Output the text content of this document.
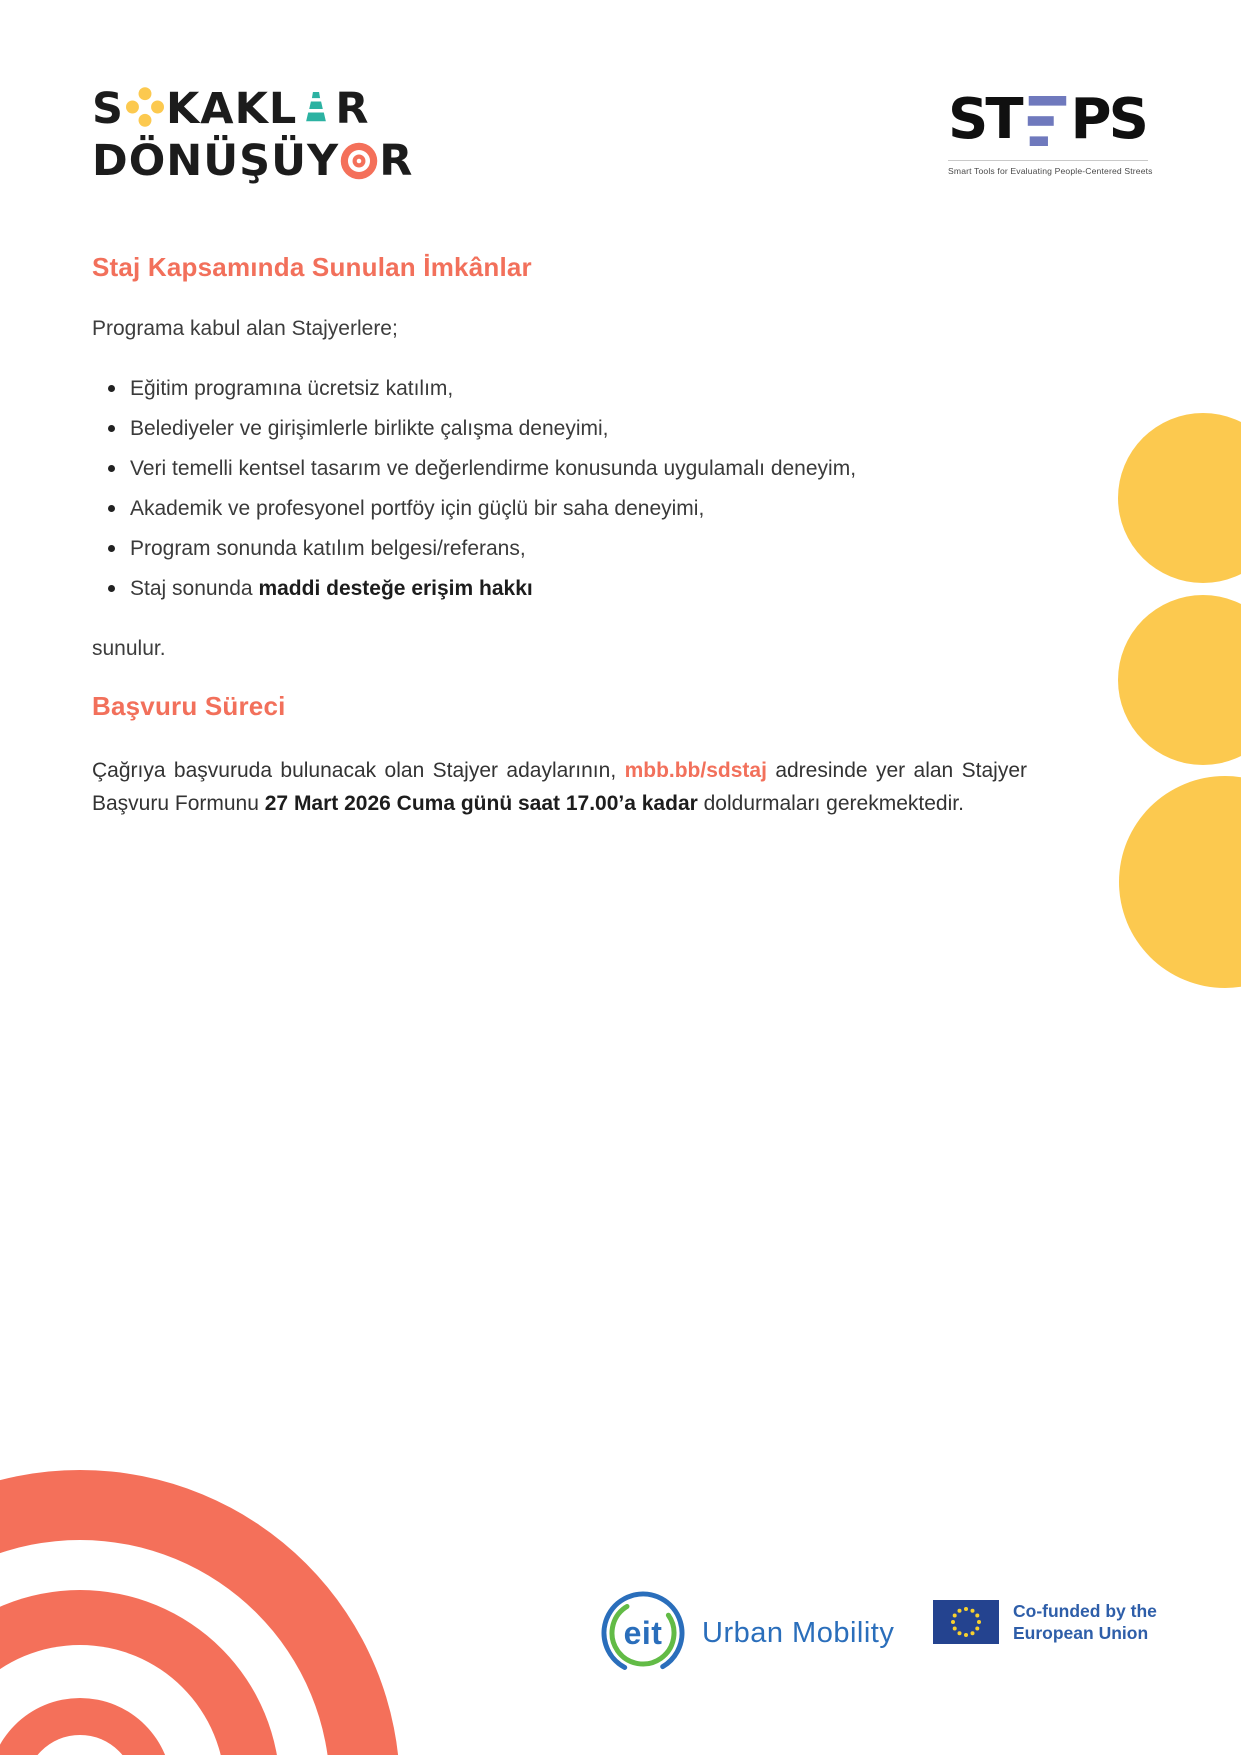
S KAKL R
DÖNÜŞÜY R
ST PS
Smart Tools for Evaluating People-Centered Streets
Staj Kapsamında Sunulan İmkânlar

Programa kabul alan Stajyerlere;

Eğitim programına ücretsiz katılım,
Belediyeler ve girişimlerle birlikte çalışma deneyimi,
Veri temelli kentsel tasarım ve değerlendirme konusunda uygulamalı deneyim,
Akademik ve profesyonel portföy için güçlü bir saha deneyimi,
Program sonunda katılım belgesi/referans,
Staj sonunda maddi desteğe erişim hakkı

sunulur.

Başvuru Süreci

Çağrıya başvuruda bulunacak olan Stajyer adaylarının, mbb.bb/sdstaj adresinde yer alan Stajyer Başvuru Formunu 27 Mart 2026 Cuma günü saat 17.00’a kadar doldurmaları gerekmektedir.

eit	Urban Mobility
Co-funded by the
European Union
